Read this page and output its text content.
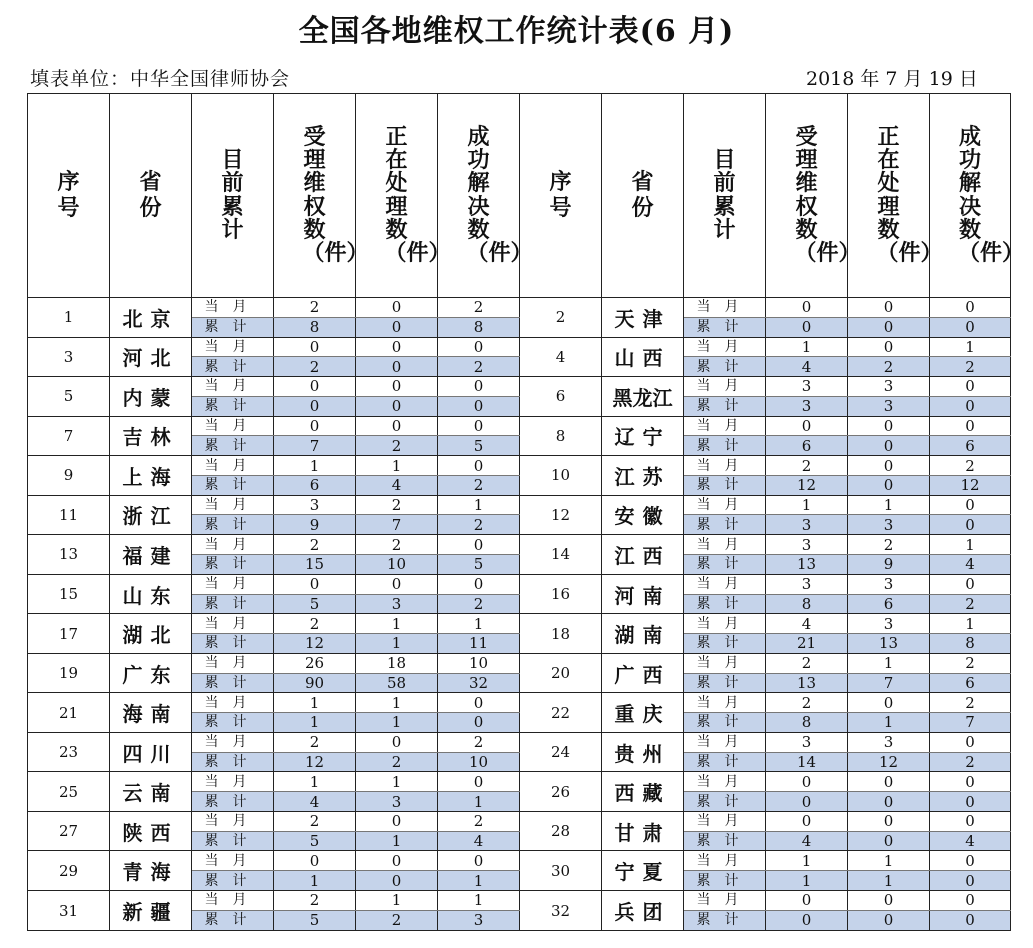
全国各地维权工作统计表(6 月)
填表单位：中华全国律师协会	2018 年 7 月 19 日
序号	省份	目前累计	受理维权数（件）	正在处理数（件）	成功解决数（件）	序号	省份	目前累计	受理维权数（件）	正在处理数（件）	成功解决数（件）
1	北京	当月	2	0	2	2	天津	当月	0	0	0
		累计	8	0	8			累计	0	0	0
3	河北	当月	0	0	0	4	山西	当月	1	0	1
		累计	2	0	2			累计	4	2	2
5	内蒙	当月	0	0	0	6	黑龙江	当月	3	3	0
		累计	0	0	0			累计	3	3	0
7	吉林	当月	0	0	0	8	辽宁	当月	0	0	0
		累计	7	2	5			累计	6	0	6
9	上海	当月	1	1	0	10	江苏	当月	2	0	2
		累计	6	4	2			累计	12	0	12
11	浙江	当月	3	2	1	12	安徽	当月	1	1	0
		累计	9	7	2			累计	3	3	0
13	福建	当月	2	2	0	14	江西	当月	3	2	1
		累计	15	10	5			累计	13	9	4
15	山东	当月	0	0	0	16	河南	当月	3	3	0
		累计	5	3	2			累计	8	6	2
17	湖北	当月	2	1	1	18	湖南	当月	4	3	1
		累计	12	1	11			累计	21	13	8
19	广东	当月	26	18	10	20	广西	当月	2	1	2
		累计	90	58	32			累计	13	7	6
21	海南	当月	1	1	0	22	重庆	当月	2	0	2
		累计	1	1	0			累计	8	1	7
23	四川	当月	2	0	2	24	贵州	当月	3	3	0
		累计	12	2	10			累计	14	12	2
25	云南	当月	1	1	0	26	西藏	当月	0	0	0
		累计	4	3	1			累计	0	0	0
27	陕西	当月	2	0	2	28	甘肃	当月	0	0	0
		累计	5	1	4			累计	4	0	4
29	青海	当月	0	0	0	30	宁夏	当月	1	1	0
		累计	1	0	1			累计	1	1	0
31	新疆	当月	2	1	1	32	兵团	当月	0	0	0
		累计	5	2	3			累计	0	0	0
